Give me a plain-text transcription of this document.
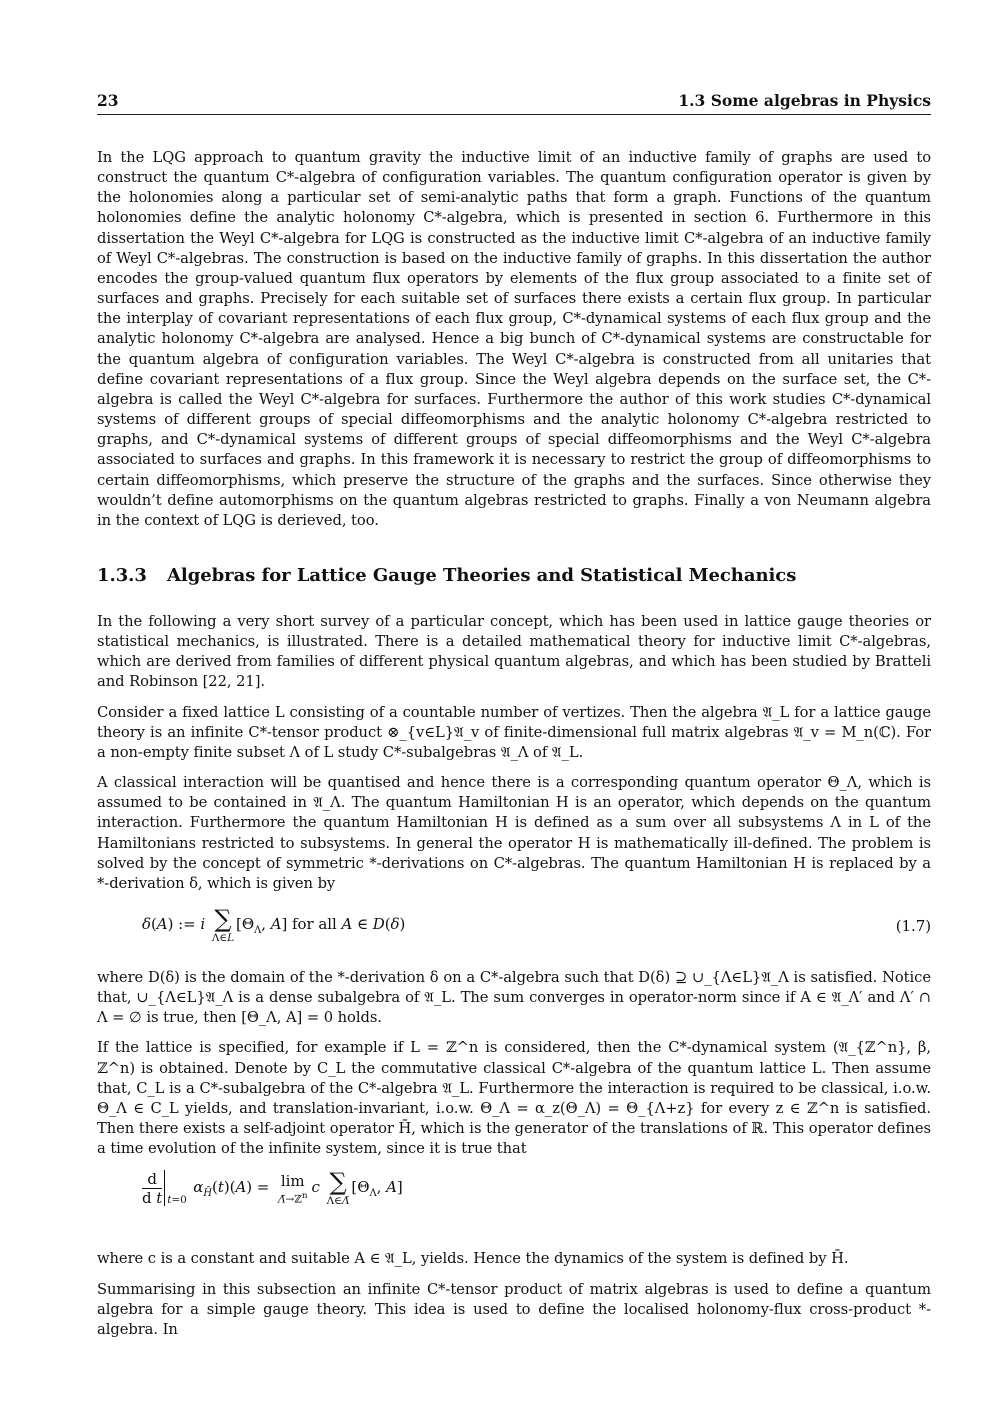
23	1.3 Some algebras in Physics

In the LQG approach to quantum gravity the inductive limit of an inductive family of graphs are used to construct the quantum C*-algebra of configuration variables. The quantum configuration operator is given by the holonomies along a particular set of semi-analytic paths that form a graph. Functions of the quantum holonomies define the analytic holonomy C*-algebra, which is presented in section 6. Furthermore in this dissertation the Weyl C*-algebra for LQG is constructed as the inductive limit C*-algebra of an inductive family of Weyl C*-algebras. The construction is based on the inductive family of graphs. In this dissertation the author encodes the group-valued quantum flux operators by elements of the flux group associated to a finite set of surfaces and graphs. Precisely for each suitable set of surfaces there exists a certain flux group. In particular the interplay of covariant representations of each flux group, C*-dynamical systems of each flux group and the analytic holonomy C*-algebra are analysed. Hence a big bunch of C*-dynamical systems are constructable for the quantum algebra of configuration variables. The Weyl C*-algebra is constructed from all unitaries that define covariant representations of a flux group. Since the Weyl algebra depends on the surface set, the C*-algebra is called the Weyl C*-algebra for surfaces. Furthermore the author of this work studies C*-dynamical systems of different groups of special diffeomorphisms and the analytic holonomy C*-algebra restricted to graphs, and C*-dynamical systems of different groups of special diffeomorphisms and the Weyl C*-algebra associated to surfaces and graphs. In this framework it is necessary to restrict the group of diffeomorphisms to certain diffeomorphisms, which preserve the structure of the graphs and the surfaces. Since otherwise they wouldn’t define automorphisms on the quantum algebras restricted to graphs. Finally a von Neumann algebra in the context of LQG is derieved, too.

1.3.3 Algebras for Lattice Gauge Theories and Statistical Mechanics

In the following a very short survey of a particular concept, which has been used in lattice gauge theories or statistical mechanics, is illustrated. There is a detailed mathematical theory for inductive limit C*-algebras, which are derived from families of different physical quantum algebras, and which has been studied by Bratteli and Robinson [22, 21].

Consider a fixed lattice L consisting of a countable number of vertizes. Then the algebra 𝔄_L for a lattice gauge theory is an infinite C*-tensor product ⊗_{v∈L}𝔄_v of finite-dimensional full matrix algebras 𝔄_v = M_n(ℂ). For a non-empty finite subset Λ of L study C*-subalgebras 𝔄_Λ of 𝔄_L.

A classical interaction will be quantised and hence there is a corresponding quantum operator Θ_Λ, which is assumed to be contained in 𝔄_Λ. The quantum Hamiltonian H is an operator, which depends on the quantum interaction. Furthermore the quantum Hamiltonian H is defined as a sum over all subsystems Λ in L of the Hamiltonians restricted to subsystems. In general the operator H is mathematically ill-defined. The problem is solved by the concept of symmetric *-derivations on C*-algebras. The quantum Hamiltonian H is replaced by a *-derivation δ, which is given by

δ(A) := i ∑
Λ∈L
[$\Theta_\Lambda$, A] for all A ∈ D(δ)	(1.7)

where D(δ) is the domain of the *-derivation δ on a C*-algebra such that D(δ) ⊇ ∪_{Λ∈L}𝔄_Λ is satisfied. Notice that, ∪_{Λ∈L}𝔄_Λ is a dense subalgebra of 𝔄_L. The sum converges in operator-norm since if A ∈ 𝔄_Λ′ and Λ′ ∩ Λ = ∅ is true, then [Θ_Λ, A] = 0 holds.

If the lattice is specified, for example if L = ℤ^n is considered, then the C*-dynamical system (𝔄_{ℤ^n}, β, ℤ^n) is obtained. Denote by C_L the commutative classical C*-algebra of the quantum lattice L. Then assume that, C_L is a C*-subalgebra of the C*-algebra 𝔄_L. Furthermore the interaction is required to be classical, i.o.w. Θ_Λ ∈ C_L yields, and translation-invariant, i.o.w. Θ_Λ = α_z(Θ_Λ) = Θ_{Λ+z} for every z ∈ ℤ^n is satisfied. Then there exists a self-adjoint operator H̄, which is the generator of the translations of ℝ. This operator defines a time evolution of the infinite system, since it is true that

$\frac{d}{\text{d t}} t=0$
$\alpha_{H̄}(t)(A) = \lim$
Λ̄→ℤ$^n$ c ∑
Λ∈Λ̄
[$\Theta_\Lambda$, A]

where c is a constant and suitable A ∈ 𝔄_L, yields. Hence the dynamics of the system is defined by H̄.

Summarising in this subsection an infinite C*-tensor product of matrix algebras is used to define a quantum algebra for a simple gauge theory. This idea is used to define the localised holonomy-flux cross-product *-algebra. In
